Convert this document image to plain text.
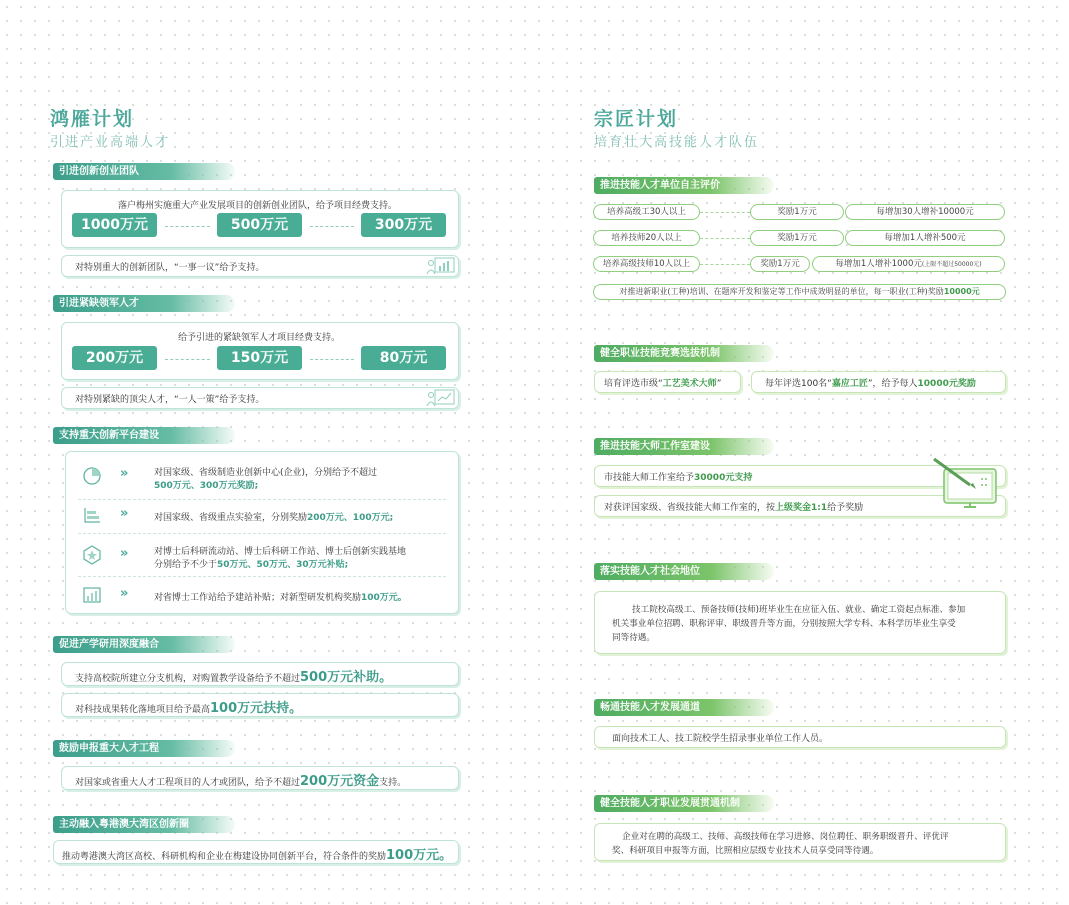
鸿雁计划
引进产业高端人才
引进创新创业团队
落户梅州实施重大产业发展项目的创新创业团队，给予项目经费支持。
1000万元	500万元	300万元
对特别重大的创新团队，“一事一议”给予支持。
引进紧缺领军人才
给予引进的紧缺领军人才项目经费支持。
200万元	150万元	80万元
对特别紧缺的顶尖人才，“一人一策”给予支持。
支持重大创新平台建设
»	对国家级、省级制造业创新中心(企业)，分别给予不超过
500万元、300万元奖励;
»	对国家级、省级重点实验室，分别奖励200万元、100万元;
»	对博士后科研流动站、博士后科研工作站、博士后创新实践基地
分别给予不少于50万元、50万元、30万元补贴;
»	对省博士工作站给予建站补贴；对新型研发机构奖励100万元。
促进产学研用深度融合
支持高校院所建立分支机构，对购置教学设备给予不超过500万元补助。
对科技成果转化落地项目给予最高100万元扶持。
鼓励申报重大人才工程
对国家或省重大人才工程项目的人才或团队，给予不超过200万元资金支持。
主动融入粤港澳大湾区创新圈
推动粤港澳大湾区高校、科研机构和企业在梅建设协同创新平台，符合条件的奖励100万元。
宗匠计划
培育壮大高技能人才队伍
推进技能人才单位自主评价
培养高级工30人以上	奖励1万元	每增加30人增补10000元
培养技师20人以上	奖励1万元	每增加1人增补500元
培养高级技师10人以上	奖励1万元	每增加1人增补1000元(上限不超过50000元)
对推进新职业(工种)培训、在题库开发和鉴定等工作中成效明显的单位，每一职业(工种)奖励10000元
健全职业技能竞赛选拔机制
培育评选市级“工艺美术大师”	每年评选100名“嘉应工匠”，给予每人10000元奖励
推进技能大师工作室建设
市技能大师工作室给予30000元支持
对获评国家级、省级技能大师工作室的，按上级奖金1:1给予奖励
落实技能人才社会地位
技工院校高级工、预备技师(技师)班毕业生在应征入伍、就业、确定工资起点标准、参加
机关事业单位招聘、职称评审、职级晋升等方面，分别按照大学专科、本科学历毕业生享受
同等待遇。
畅通技能人才发展通道
面向技术工人、技工院校学生招录事业单位工作人员。
健全技能人才职业发展贯通机制
企业对在聘的高级工、技师、高级技师在学习进修、岗位聘任、职务职级晋升、评优评
奖、科研项目申报等方面，比照相应层级专业技术人员享受同等待遇。
